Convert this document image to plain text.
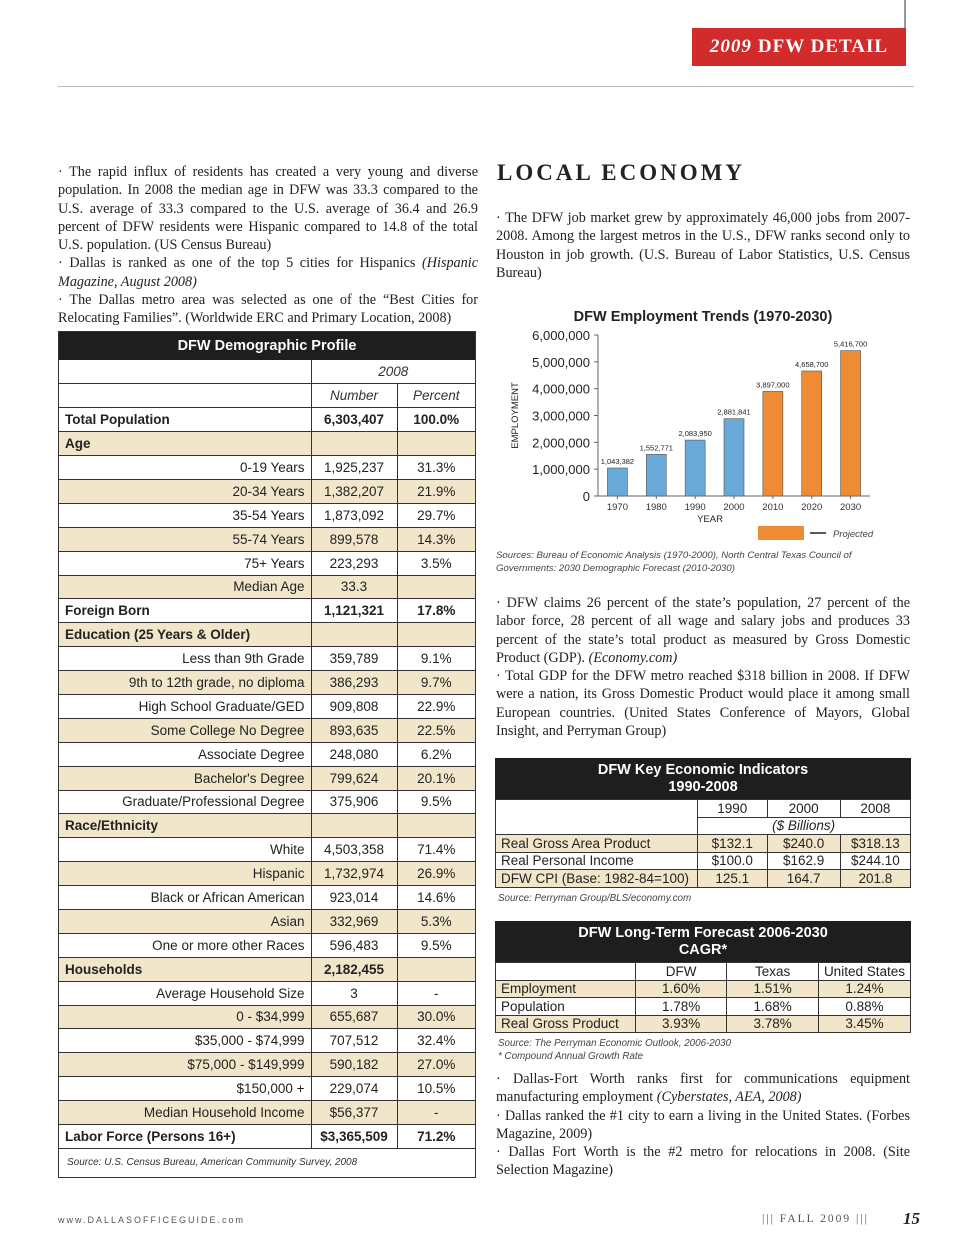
2009 DFW DETAIL

· The rapid influx of residents has created a very young and diverse population. In 2008 the median age in DFW was 33.3 compared to the U.S. average of 33.3 compared to the U.S. average of 36.4 and 26.9 percent of DFW residents were Hispanic compared to 14.8 of the total U.S. population. (US Census Bureau)

· Dallas is ranked as one of the top 5 cities for Hispanics (Hispanic Magazine, August 2008)

· The Dallas metro area was selected as one of the “Best Cities for Relocating Families”. (Worldwide ERC and Primary Location, 2008)

DFW Demographic Profile
	2008	
	Number	Percent
Total Population	6,303,407	100.0%
Age		
0-19 Years	1,925,237	31.3%
20-34 Years	1,382,207	21.9%
35-54 Years	1,873,092	29.7%
55-74 Years	899,578	14.3%
75+ Years	223,293	3.5%
Median Age	33.3	
Foreign Born	1,121,321	17.8%
Education (25 Years & Older)		
Less than 9th Grade	359,789	9.1%
9th to 12th grade, no diploma	386,293	9.7%
High School Graduate/GED	909,808	22.9%
Some College No Degree	893,635	22.5%
Associate Degree	248,080	6.2%
Bachelor's Degree	799,624	20.1%
Graduate/Professional Degree	375,906	9.5%
Race/Ethnicity		
White	4,503,358	71.4%
Hispanic	1,732,974	26.9%
Black or African American	923,014	14.6%
Asian	332,969	5.3%
One or more other Races	596,483	9.5%
Households	2,182,455	
Average Household Size	3	-
0 - $34,999	655,687	30.0%
$35,000 - $74,999	707,512	32.4%
$75,000 - $149,999	590,182	27.0%
$150,000 +	229,074	10.5%
Median Household Income	$56,377	-
Labor Force (Persons 16+)	$3,365,509	71.2%
Source: U.S. Census Bureau, American Community Survey, 2008
LOCAL ECONOMY

· The DFW job market grew by approximately 46,000 jobs from 2007-2008. Among the largest metros in the U.S., DFW ranks second only to Houston in job growth. (U.S. Bureau of Labor Statistics, U.S. Census Bureau)

DFW Employment Trends (1970-2030)
0
1,000,000
2,000,000
3,000,000
4,000,000
5,000,000
6,000,000
EMPLOYMENT
1,043,382
1970
1,552,771
1980
2,083,950
1990
2,881,841
2000
3,897,000
2010
4,658,700
2020
5,416,700
2030
YEAR
Projected
Sources: Bureau of Economic Analysis (1970-2000), North Central Texas Council of Governments: 2030 Demographic Forecast (2010-2030)

· DFW claims 26 percent of the state’s population, 27 percent of the labor force, 28 percent of all wage and salary jobs and produces 33 percent of the state’s total product as measured by Gross Domestic Product (GDP). (Economy.com)

· Total GDP for the DFW metro reached $318 billion in 2008. If DFW were a nation, its Gross Domestic Product would place it among small European countries. (United States Conference of Mayors, Global Insight, and Perryman Group)

DFW Key Economic Indicators
1990-2008
	1990	2000	2008
		($ Billions)	
Real Gross Area Product	$132.1	$240.0	$318.13
Real Personal Income	$100.0	$162.9	$244.10
DFW CPI (Base: 1982-84=100)	125.1	164.7	201.8
Source: Perryman Group/BLS/economy.com
DFW Long-Term Forecast 2006-2030
CAGR*
	DFW	Texas	United States
Employment	1.60%	1.51%	1.24%
Population	1.78%	1.68%	0.88%
Real Gross Product	3.93%	3.78%	3.45%
Source: The Perryman Economic Outlook, 2006-2030
* Compound Annual Growth Rate

· Dallas-Fort Worth ranks first for communications equipment manufacturing employment (Cyberstates, AEA, 2008)

· Dallas ranked the #1 city to earn a living in the United States. (Forbes Magazine, 2009)

· Dallas Fort Worth is the #2 metro for relocations in 2008. (Site Selection Magazine)

www.DALLASOFFICEGUIDE.com	||| FALL 2009 ||| 15
